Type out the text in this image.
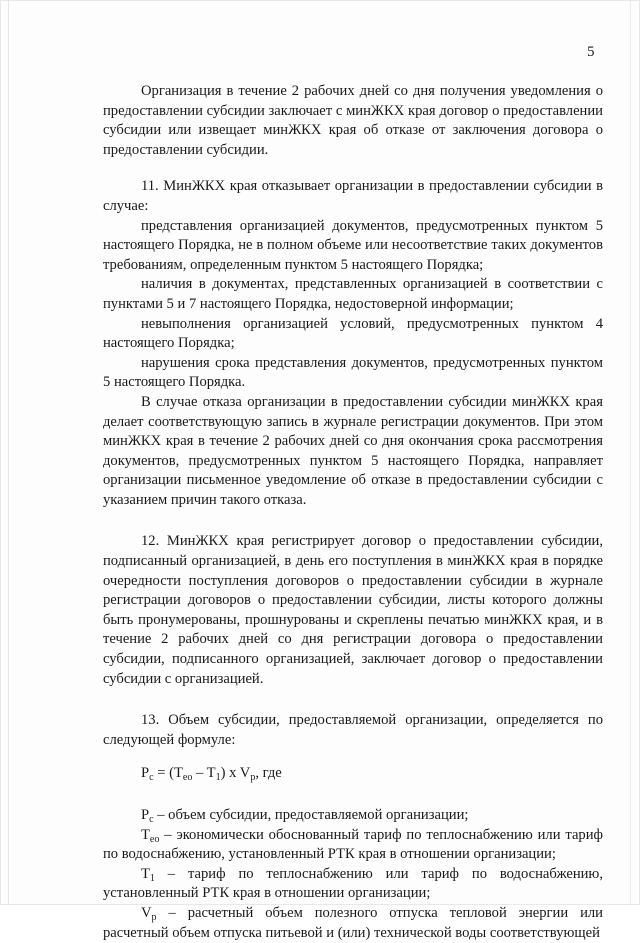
5

Организация в течение 2 рабочих дней со дня получения уведомления о предоставлении субсидии заключает с минЖКХ края договор о предоставлении субсидии или извещает минЖКХ края об отказе от заключения договора о предоставлении субсидии.

11. МинЖКХ края отказывает организации в предоставлении субсидии в случае:

представления организацией документов, предусмотренных пунктом 5 настоящего Порядка, не в полном объеме или несоответствие таких документов требованиям, определенным пунктом 5 настоящего Порядка;

наличия в документах, представленных организацией в соответствии с пунктами 5 и 7 настоящего Порядка, недостоверной информации;

невыполнения организацией условий, предусмотренных пунктом 4 настоящего Порядка;

нарушения срока представления документов, предусмотренных пунктом 5 настоящего Порядка.

В случае отказа организации в предоставлении субсидии минЖКХ края делает соответствующую запись в журнале регистрации документов. При этом минЖКХ края в течение 2 рабочих дней со дня окончания срока рассмотрения документов, предусмотренных пунктом 5 настоящего Порядка, направляет организации письменное уведомление об отказе в предоставлении субсидии с указанием причин такого отказа.

12. МинЖКХ края регистрирует договор о предоставлении субсидии, подписанный организацией, в день его поступления в минЖКХ края в порядке очередности поступления договоров о предоставлении субсидии в журнале регистрации договоров о предоставлении субсидии, листы которого должны быть пронумерованы, прошнурованы и скреплены печатью минЖКХ края, и в течение 2 рабочих дней со дня регистрации договора о предоставлении субсидии, подписанного организацией, заключает договор о предоставлении субсидии с организацией.

13. Объем субсидии, предоставляемой организации, определяется по следующей формуле:

$P_c = (T_{eo} - T_1)$ x $V_p$, где

$P_c$ – объем субсидии, предоставляемой организации;

$T_{eo}$ – экономически обоснованный тариф по теплоснабжению или тариф по водоснабжению, установленный РТК края в отношении организации;

$T_1$ – тариф по теплоснабжению или тариф по водоснабжению, установленный РТК края в отношении организации;

$V_p$ – расчетный объем полезного отпуска тепловой энергии или расчетный объем отпуска питьевой и (или) технической воды соответствующей
